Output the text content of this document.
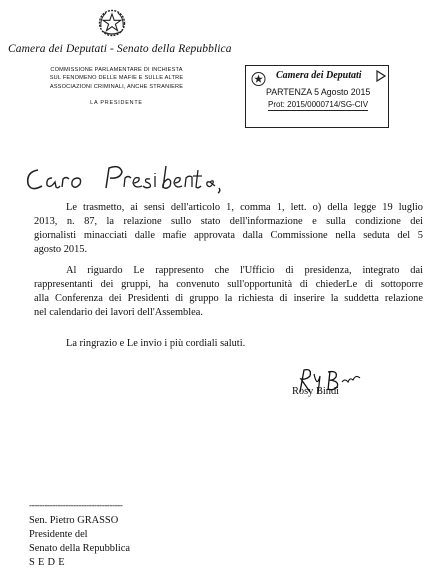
Camera dei Deputati - Senato della Repubblica
COMMISSIONE PARLAMENTARE DI INCHIESTA
SUL FENOMENO DELLE MAFIE E SULLE ALTRE
ASSOCIAZIONI CRIMINALI, ANCHE STRANIERE
LA PRESIDENTE
Camera dei Deputati
PARTENZA 5 Agosto 2015
Prot: 2015/0000714/SG-CIV
Le trasmetto, ai sensi dell'articolo 1, comma 1, lett. o) della legge 19 luglio
2013, n. 87, la relazione sullo stato dell'informazione e sulla condizione dei
giornalisti minacciati dalle mafie approvata dalla Commissione nella seduta del 5
agosto 2015.
Al riguardo Le rappresento che l'Ufficio di presidenza, integrato dai
rappresentanti dei gruppi, ha convenuto sull'opportunità di chiederLe di sottoporre
alla Conferenza dei Presidenti di gruppo la richiesta di inserire la suddetta relazione
nel calendario dei lavori dell'Assemblea.
La ringrazio e Le invio i più cordiali saluti.
Rosy Bindi
------------------------------------
Sen. Pietro GRASSO
Presidente del
Senato della Repubblica
SEDE
